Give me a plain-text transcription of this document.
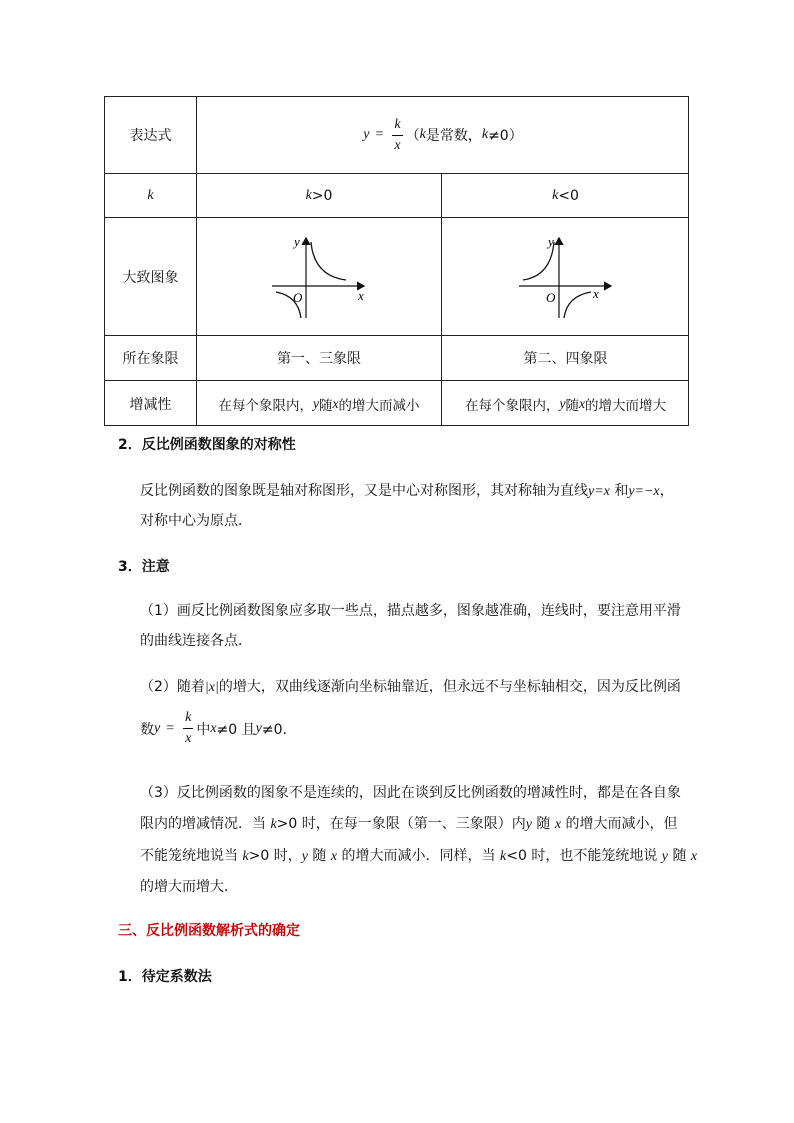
表达式	$y = \frac{k}{x}$ （ k 是常数， k ≠0）
k	k >0	k <0
大致图象
y
x
O
y
x
O
所在象限	第一、三象限	第二、四象限
增减性	在每个象限内， y 随 x 的增大而减小	在每个象限内， y 随 x 的增大而增大
2．反比例函数图象的对称性
反比例函数的图象既是轴对称图形，又是中心对称图形，其对称轴为直线y=x 和y=−x，
对称中心为原点．
3．注意
（1）画反比例函数图象应多取一些点，描点越多，图象越准确，连线时，要注意用平滑
的曲线连接各点．
（2）随着|x|的增大，双曲线逐渐向坐标轴靠近，但永远不与坐标轴相交，因为反比例函
数 $y = \frac{k}{x}$ 中 x ≠0 且 y ≠0．
（3）反比例函数的图象不是连续的，因此在谈到反比例函数的增减性时，都是在各自象
限内的增减情况．当 k>0 时，在每一象限（第一、三象限）内y 随 x 的增大而减小，但
不能笼统地说当 k>0 时，y 随 x 的增大而减小．同样，当 k<0 时，也不能笼统地说 y 随 x
的增大而增大．
三、反比例函数解析式的确定
1．待定系数法
